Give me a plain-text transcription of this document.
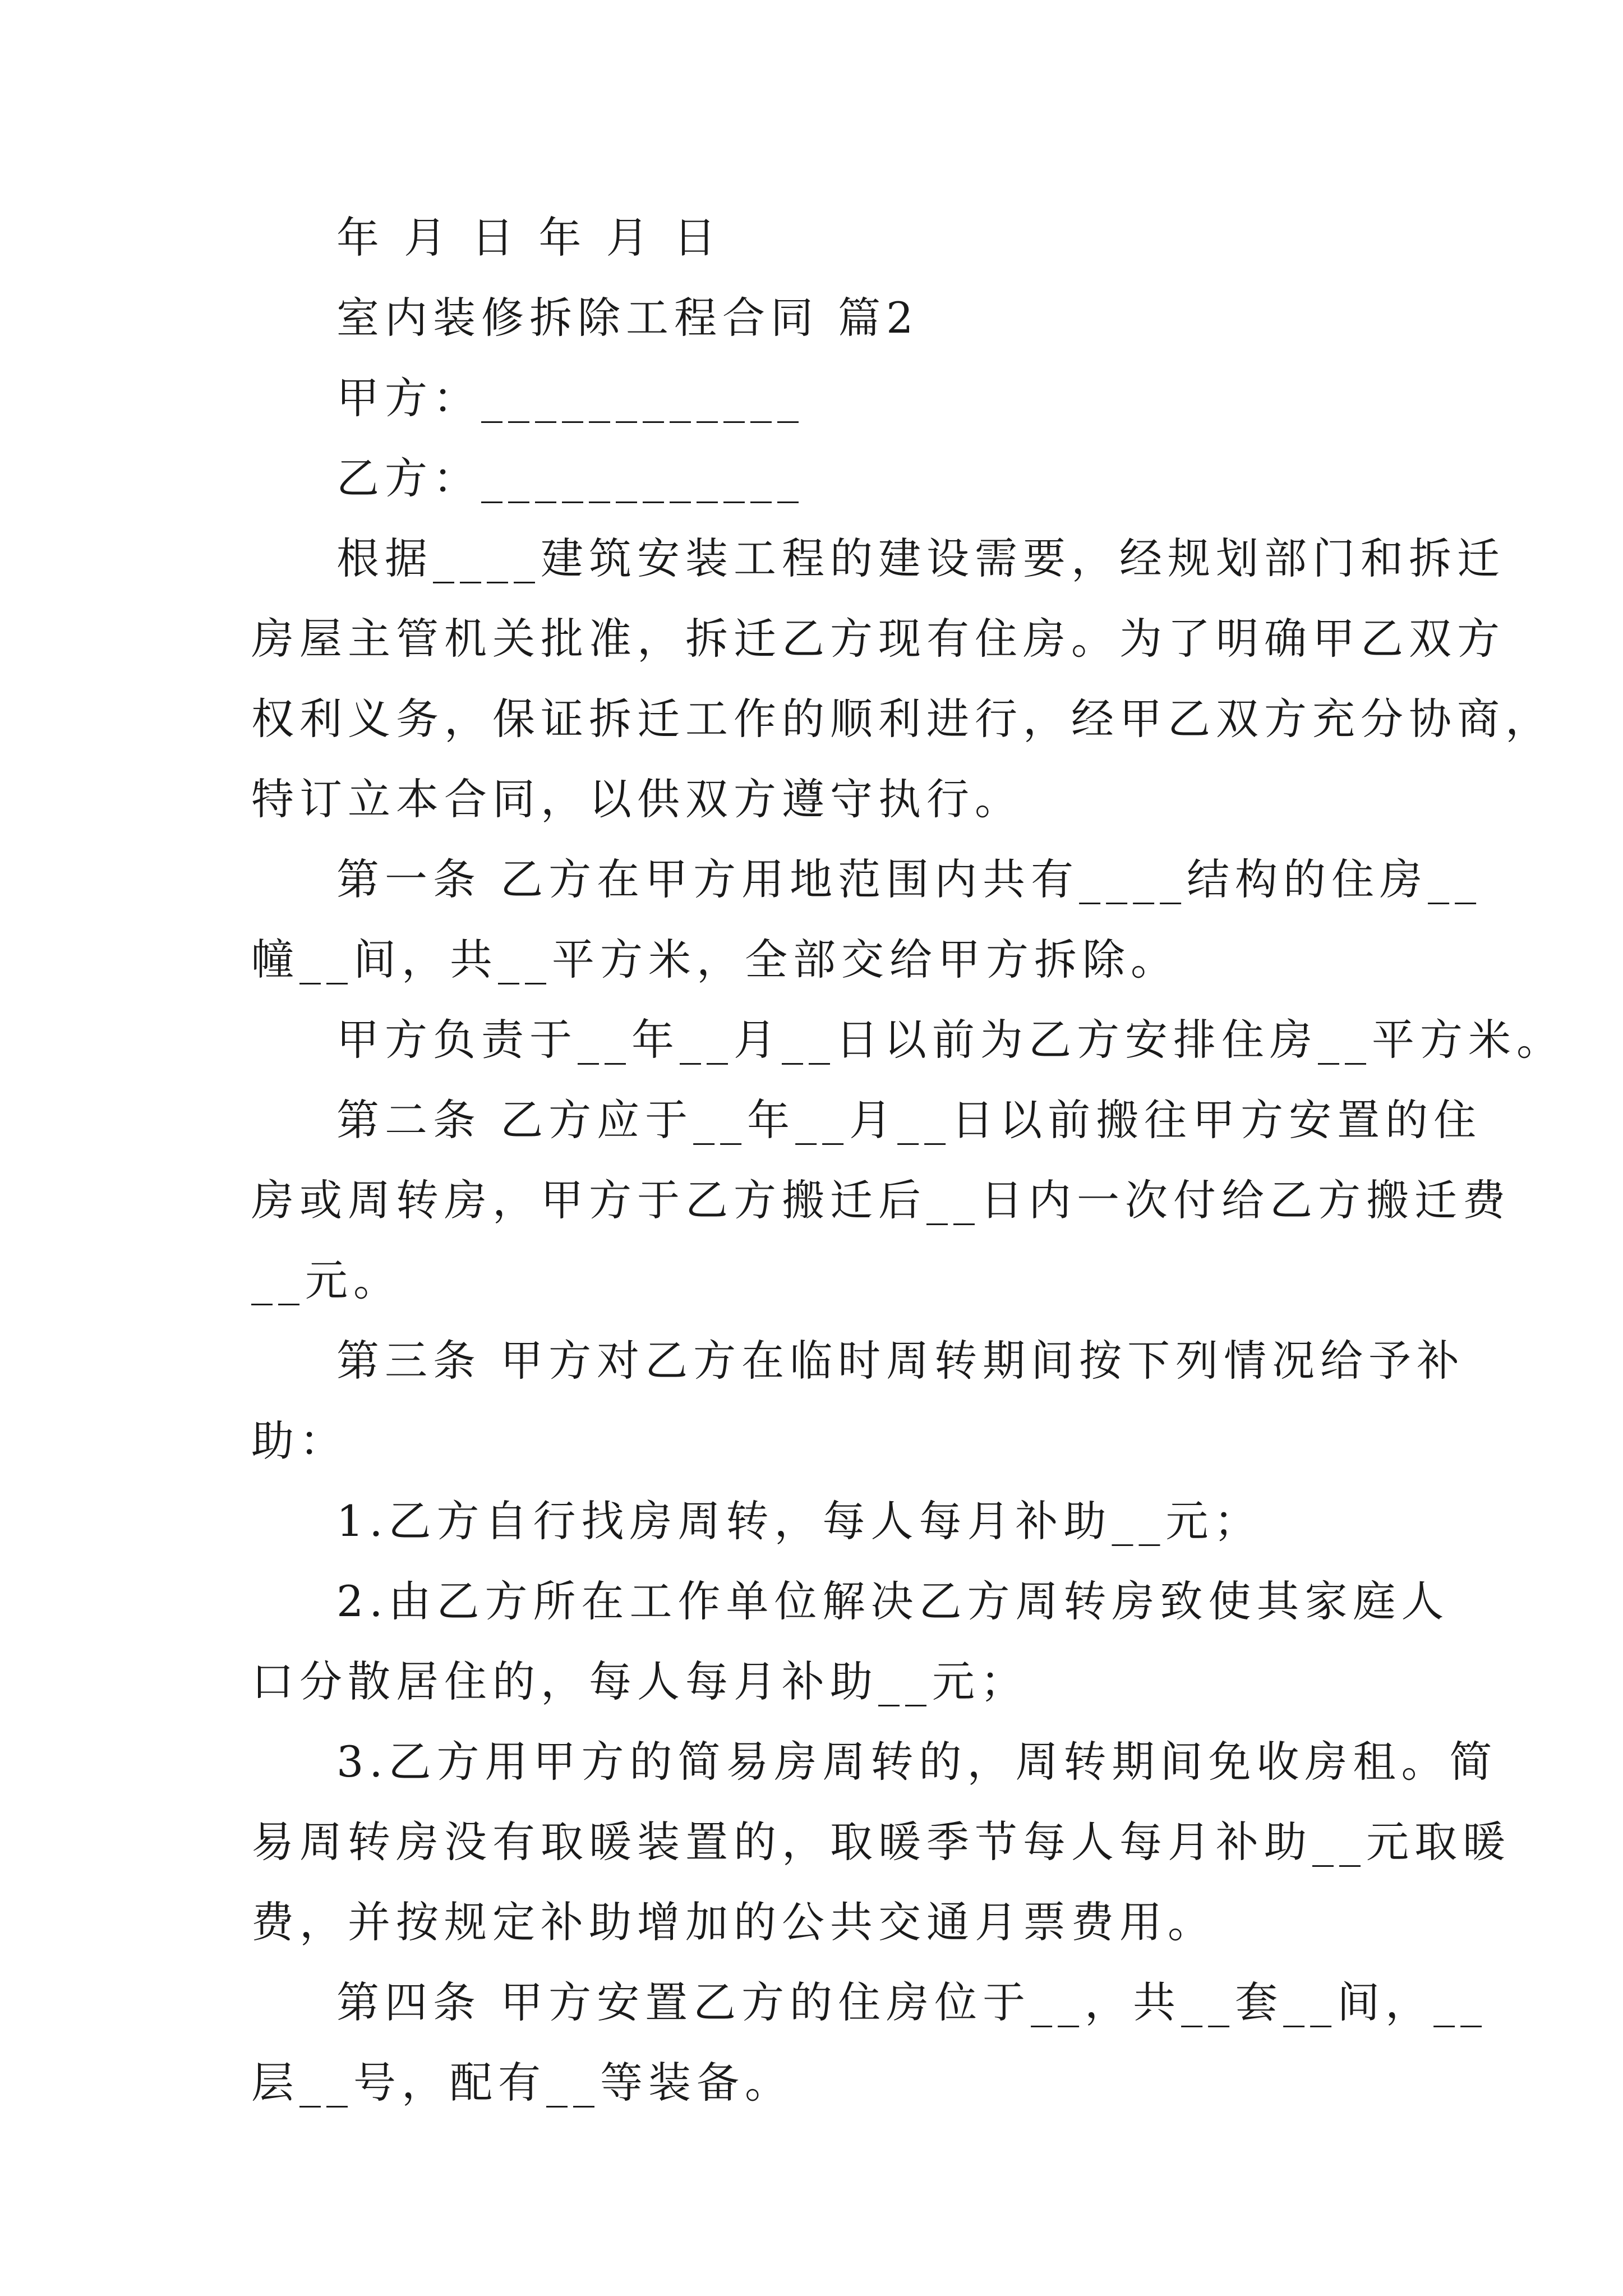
年 月 日 年 月 日
室内装修拆除工程合同 篇2
甲方：____________
乙方：____________
根据____建筑安装工程的建设需要，经规划部门和拆迁
房屋主管机关批准，拆迁乙方现有住房。为了明确甲乙双方
权利义务，保证拆迁工作的顺利进行，经甲乙双方充分协商，
特订立本合同，以供双方遵守执行。
第一条 乙方在甲方用地范围内共有____结构的住房__
幢__间，共__平方米，全部交给甲方拆除。
甲方负责于__年__月__日以前为乙方安排住房__平方米。
第二条 乙方应于__年__月__日以前搬往甲方安置的住
房或周转房，甲方于乙方搬迁后__日内一次付给乙方搬迁费
__元。
第三条 甲方对乙方在临时周转期间按下列情况给予补
助：
1.乙方自行找房周转，每人每月补助__元；
2.由乙方所在工作单位解决乙方周转房致使其家庭人
口分散居住的，每人每月补助__元；
3.乙方用甲方的简易房周转的，周转期间免收房租。简
易周转房没有取暖装置的，取暖季节每人每月补助__元取暖
费，并按规定补助增加的公共交通月票费用。
第四条 甲方安置乙方的住房位于__，共__套__间，__
层__号，配有__等装备。
